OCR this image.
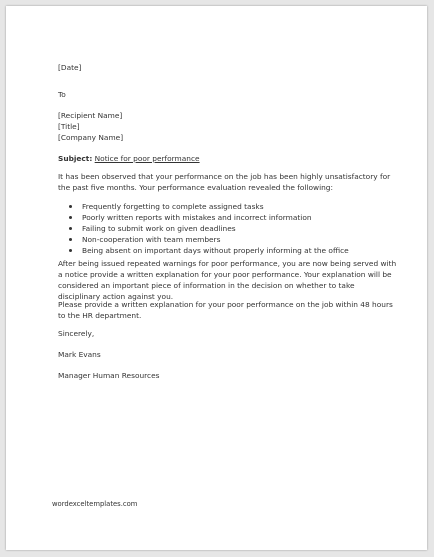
[Date]
To
[Recipient Name]
[Title]
[Company Name]
Subject: Notice for poor performance
It has been observed that your performance on the job has been highly unsatisfactory for the past five months. Your performance evaluation revealed the following:
Frequently forgetting to complete assigned tasks
Poorly written reports with mistakes and incorrect information
Failing to submit work on given deadlines
Non-cooperation with team members
Being absent on important days without properly informing at the office
After being issued repeated warnings for poor performance, you are now being served with a notice provide a written explanation for your poor performance. Your explanation will be considered an important piece of information in the decision on whether to take disciplinary action against you.
Please provide a written explanation for your poor performance on the job within 48 hours to the HR department.
Sincerely,
Mark Evans
Manager Human Resources
wordexceltemplates.com
